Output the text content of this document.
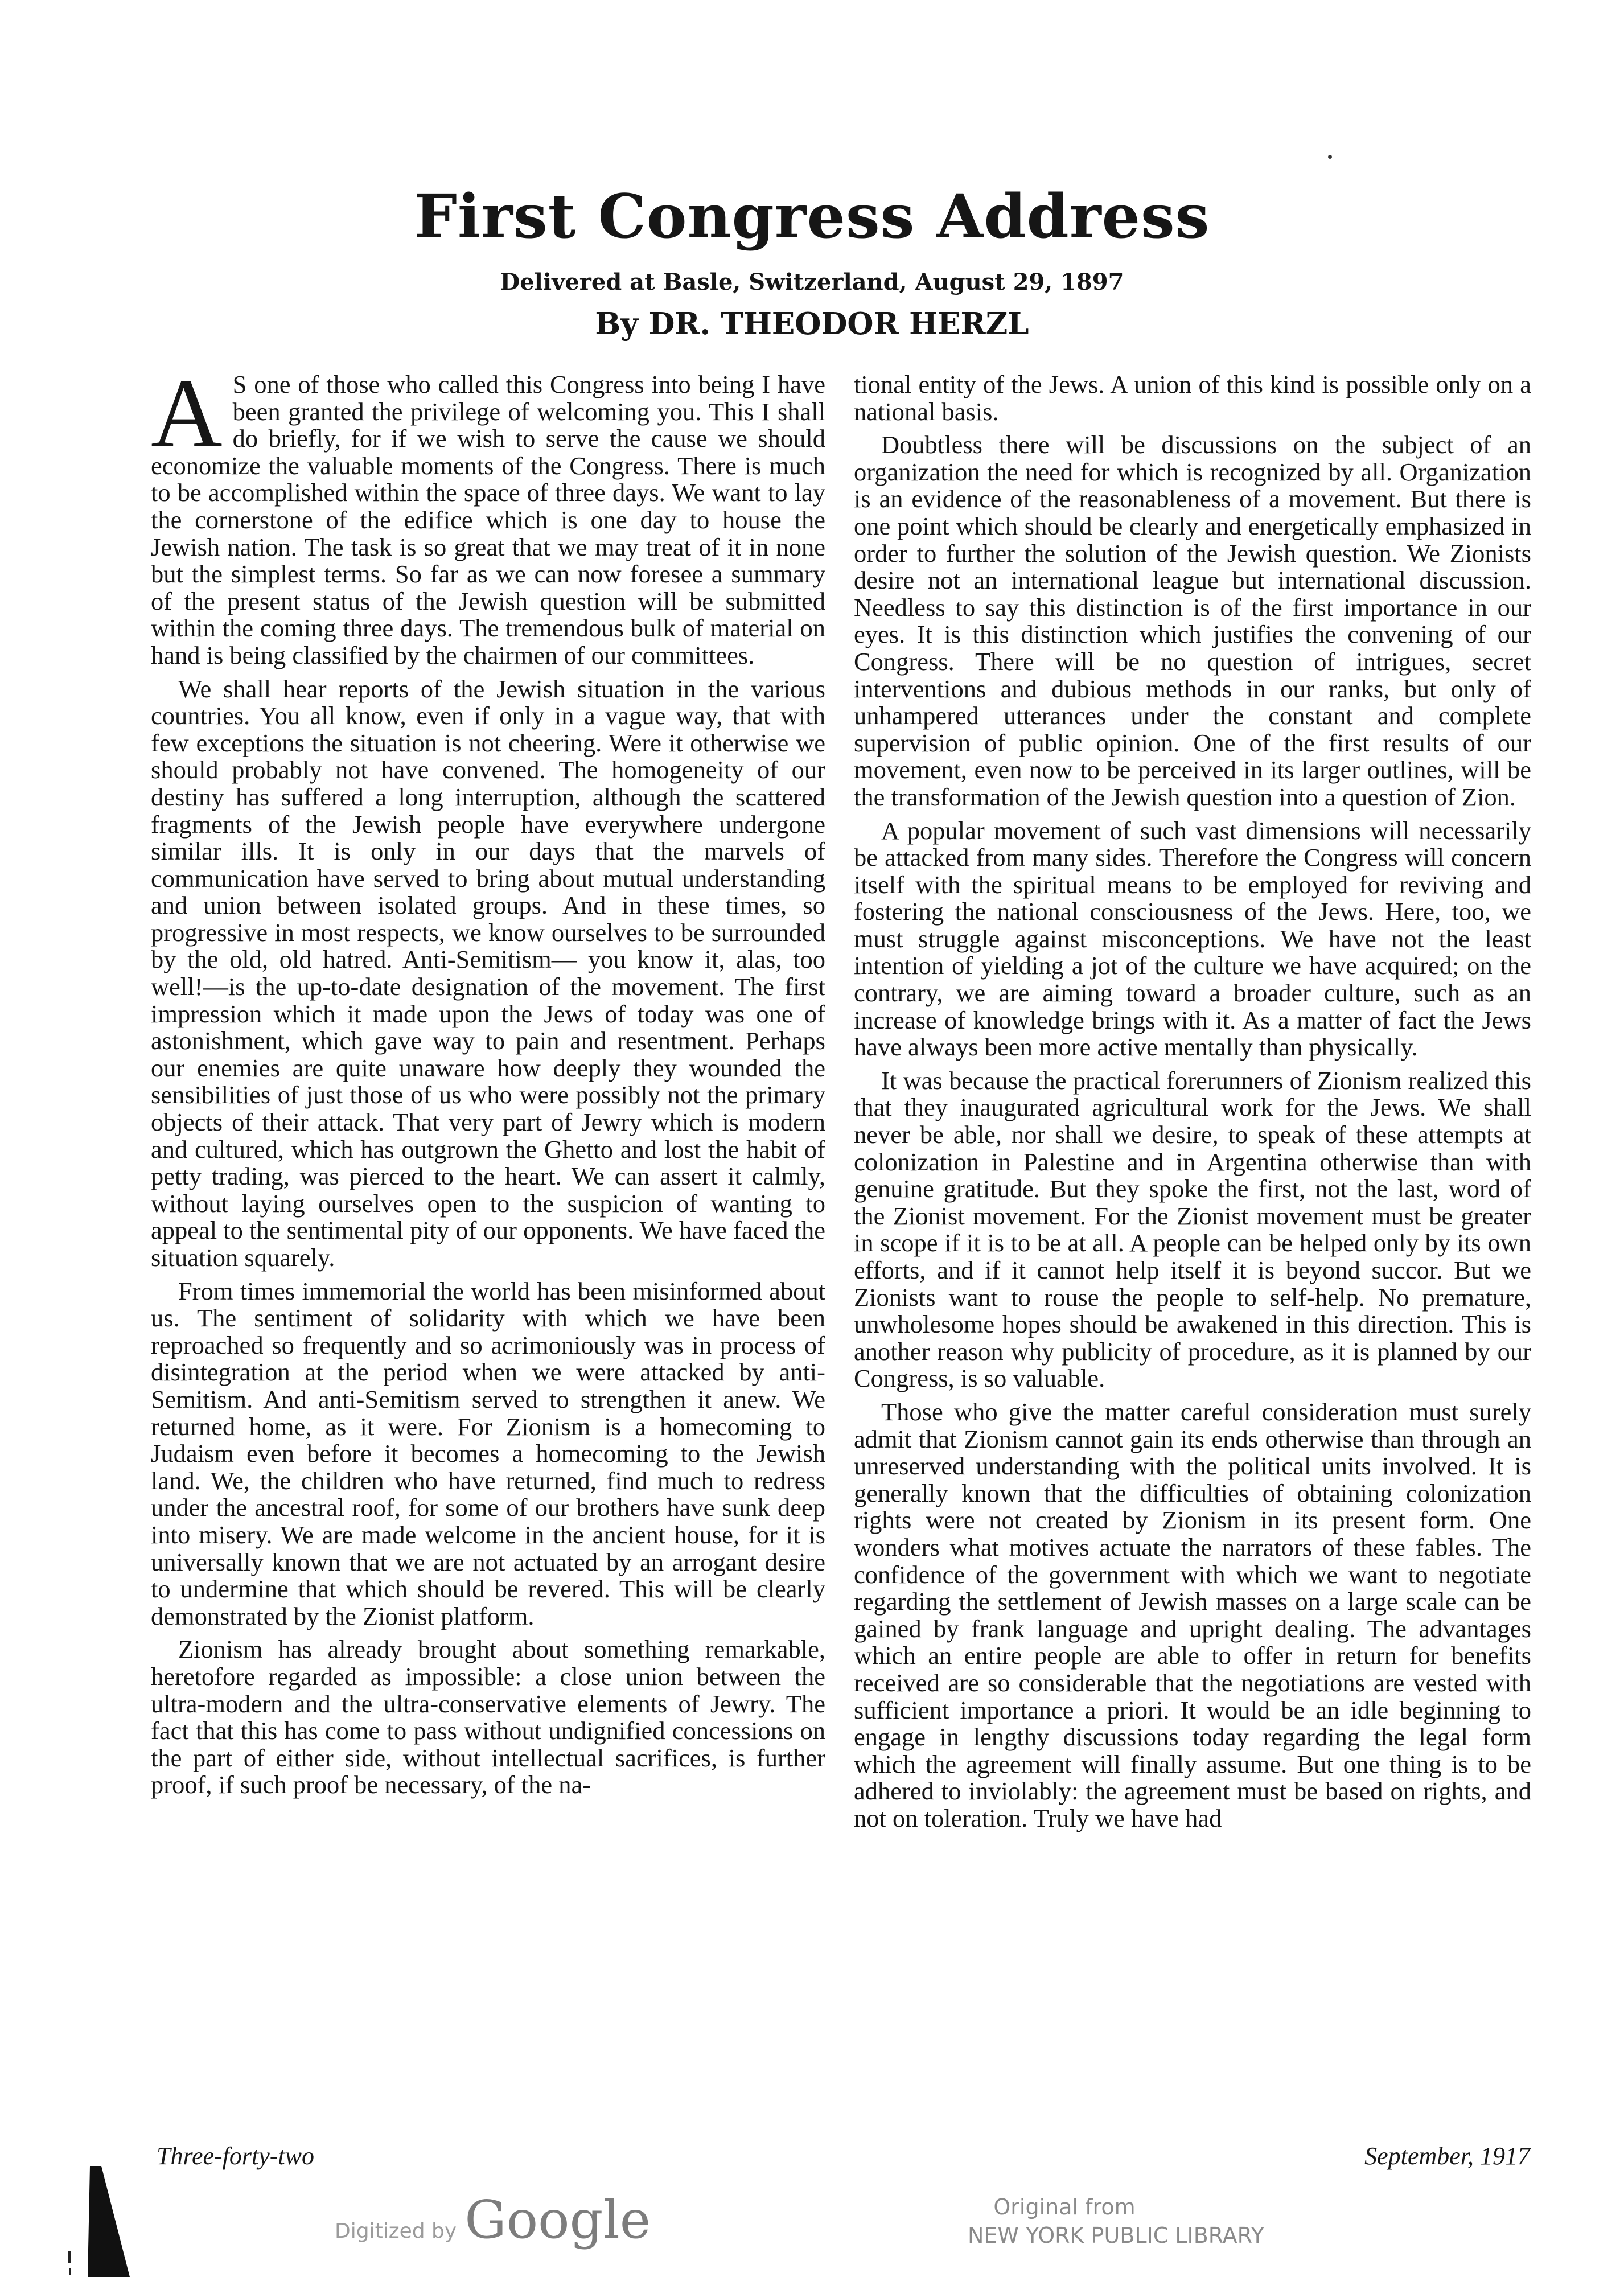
First Congress Address
Delivered at Basle, Switzerland, August 29, 1897
By DR. THEODOR HERZL

A S one of those who called this Congress into being I have been granted the privilege of welcoming you. This I shall do briefly, for if we wish to serve the cause we should economize the valuable moments of the Congress. There is much to be accomplished within the space of three days. We want to lay the cornerstone of the edifice which is one day to house the Jewish nation. The task is so great that we may treat of it in none but the simplest terms. So far as we can now foresee a summary of the present status of the Jewish question will be submitted within the coming three days. The tremendous bulk of material on hand is being classified by the chairmen of our committees.

We shall hear reports of the Jewish situation in the various countries. You all know, even if only in a vague way, that with few exceptions the situation is not cheering. Were it otherwise we should probably not have convened. The homogeneity of our destiny has suffered a long interruption, although the scattered fragments of the Jewish people have everywhere undergone similar ills. It is only in our days that the marvels of communication have served to bring about mutual understanding and union between isolated groups. And in these times, so progressive in most respects, we know ourselves to be surrounded by the old, old hatred. Anti-Semitism— you know it, alas, too well!—is the up-to-date designation of the movement. The first impression which it made upon the Jews of today was one of astonishment, which gave way to pain and resentment. Perhaps our enemies are quite unaware how deeply they wounded the sensibilities of just those of us who were possibly not the primary objects of their attack. That very part of Jewry which is modern and cultured, which has outgrown the Ghetto and lost the habit of petty trading, was pierced to the heart. We can assert it calmly, without laying ourselves open to the suspicion of wanting to appeal to the sentimental pity of our opponents. We have faced the situation squarely.

From times immemorial the world has been misinformed about us. The sentiment of solidarity with which we have been reproached so frequently and so acrimoniously was in process of disintegration at the period when we were attacked by anti-Semitism. And anti-Semitism served to strengthen it anew. We returned home, as it were. For Zionism is a homecoming to Judaism even before it becomes a homecoming to the Jewish land. We, the children who have returned, find much to redress under the ancestral roof, for some of our brothers have sunk deep into misery. We are made welcome in the ancient house, for it is universally known that we are not actuated by an arrogant desire to undermine that which should be revered. This will be clearly demonstrated by the Zionist platform.

Zionism has already brought about something remarkable, heretofore regarded as impossible: a close union between the ultra-modern and the ultra-conservative elements of Jewry. The fact that this has come to pass without undignified concessions on the part of either side, without intellectual sacrifices, is further proof, if such proof be necessary, of the na-

tional entity of the Jews. A union of this kind is possible only on a national basis.

Doubtless there will be discussions on the subject of an organization the need for which is recognized by all. Organization is an evidence of the reasonableness of a movement. But there is one point which should be clearly and energetically emphasized in order to further the solution of the Jewish question. We Zionists desire not an international league but international discussion. Needless to say this distinction is of the first importance in our eyes. It is this distinction which justifies the convening of our Congress. There will be no question of intrigues, secret interventions and dubious methods in our ranks, but only of unhampered utterances under the constant and complete supervision of public opinion. One of the first results of our movement, even now to be perceived in its larger outlines, will be the transformation of the Jewish question into a question of Zion.

A popular movement of such vast dimensions will necessarily be attacked from many sides. Therefore the Congress will concern itself with the spiritual means to be employed for reviving and fostering the national consciousness of the Jews. Here, too, we must struggle against misconceptions. We have not the least intention of yielding a jot of the culture we have acquired; on the contrary, we are aiming toward a broader culture, such as an increase of knowledge brings with it. As a matter of fact the Jews have always been more active mentally than physically.

It was because the practical forerunners of Zionism realized this that they inaugurated agricultural work for the Jews. We shall never be able, nor shall we desire, to speak of these attempts at colonization in Palestine and in Argentina otherwise than with genuine gratitude. But they spoke the first, not the last, word of the Zionist movement. For the Zionist movement must be greater in scope if it is to be at all. A people can be helped only by its own efforts, and if it cannot help itself it is beyond succor. But we Zionists want to rouse the people to self-help. No premature, unwholesome hopes should be awakened in this direction. This is another reason why publicity of procedure, as it is planned by our Congress, is so valuable.

Those who give the matter careful consideration must surely admit that Zionism cannot gain its ends otherwise than through an unreserved understanding with the political units involved. It is generally known that the difficulties of obtaining colonization rights were not created by Zionism in its present form. One wonders what motives actuate the narrators of these fables. The confidence of the government with which we want to negotiate regarding the settlement of Jewish masses on a large scale can be gained by frank language and upright dealing. The advantages which an entire people are able to offer in return for benefits received are so considerable that the negotiations are vested with sufficient importance a priori. It would be an idle beginning to engage in lengthy discussions today regarding the legal form which the agreement will finally assume. But one thing is to be adhered to inviolably: the agreement must be based on rights, and not on toleration. Truly we have had

Three-forty-two	September, 1917
Digitized by Google	Original from
NEW YORK PUBLIC LIBRARY
